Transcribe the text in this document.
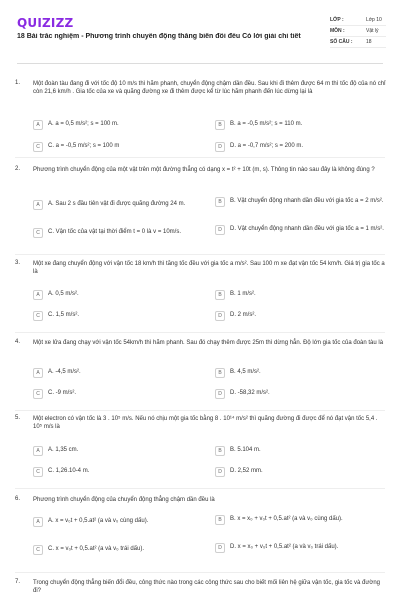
QUIZIZZ
18 Bài trắc nghiệm - Phương trình chuyển động thẳng biến đổi đều Có lời giải chi tiết
LỚP :	Lớp 10
MÔN :	Vật lý
SỐ CÂU :	18
1. Một đoàn tàu đang đi với tốc độ 10 m/s thì hãm phanh, chuyển động chậm dần đều. Sau khi đi thêm được 64 m thì tốc độ của nó chỉ còn 21,6 km/h . Gia tốc của xe và quãng đường xe đi thêm được kể từ lúc hãm phanh đến lúc dừng lại là
A	A. a = 0,5 m/s²; s = 100 m.	B	B. a = -0,5 m/s²; s = 110 m.
C	C. a = -0,5 m/s²; s = 100 m	D	D. a = -0,7 m/s²; s = 200 m.
2. Phương trình chuyển động của một vật trên một đường thẳng có dạng x = t² + 10t (m, s). Thông tin nào sau đây là không đúng ?
A	A. Sau 2 s đầu tiên vật đi được quãng đường 24 m.	B	B. Vật chuyển động nhanh dần đều với gia tốc a = 2 m/s².
C	C. Vận tốc của vật tại thời điểm t = 0 là v = 10m/s.	D	D. Vật chuyển động nhanh dần đều với gia tốc a = 1 m/s².
3. Một xe đang chuyển động với vận tốc 18 km/h thì tăng tốc đều với gia tốc a m/s². Sau 100 m xe đạt vận tốc 54 km/h. Giá trị gia tốc a là
A	A. 0,5 m/s².	B	B. 1 m/s².
C	C. 1,5 m/s².	D	D. 2 m/s².
4. Một xe lửa đang chạy với vận tốc 54km/h thì hãm phanh. Sau đó chạy thêm được 25m thì dừng hẳn. Độ lớn gia tốc của đoàn tàu là
A	A. -4,5 m/s².	B	B. 4,5 m/s².
C	C. -9 m/s².	D	D. -58,32 m/s².
5. Một electron có vận tốc là 3 . 10⁵ m/s. Nếu nó chịu một gia tốc bằng 8 . 10¹⁴ m/s² thì quãng đường đi được để nó đạt vận tốc 5,4 . 10⁵ m/s là
A	A. 1,35 cm.	B	B. 5.104 m.
C	C. 1,26.10-4 m.	D	D. 2,52 mm.
6. Phương trình chuyển động của chuyển động thẳng chậm dần đều là
A	A. x = v₀t + 0,5.at² (a và v₀ cùng dấu).	B	B. x = x₀ + v₀t + 0,5.at² (a và v₀ cùng dấu).
C	C. x = v₀t + 0,5.at² (a và v₀ trái dấu).	D	D. x = x₀ + v₀t + 0,5.at² (a và v₀ trái dấu).
7. Trong chuyển động thẳng biến đổi đều, công thức nào trong các công thức sau cho biết mối liên hệ giữa vận tốc, gia tốc và đường đi?
